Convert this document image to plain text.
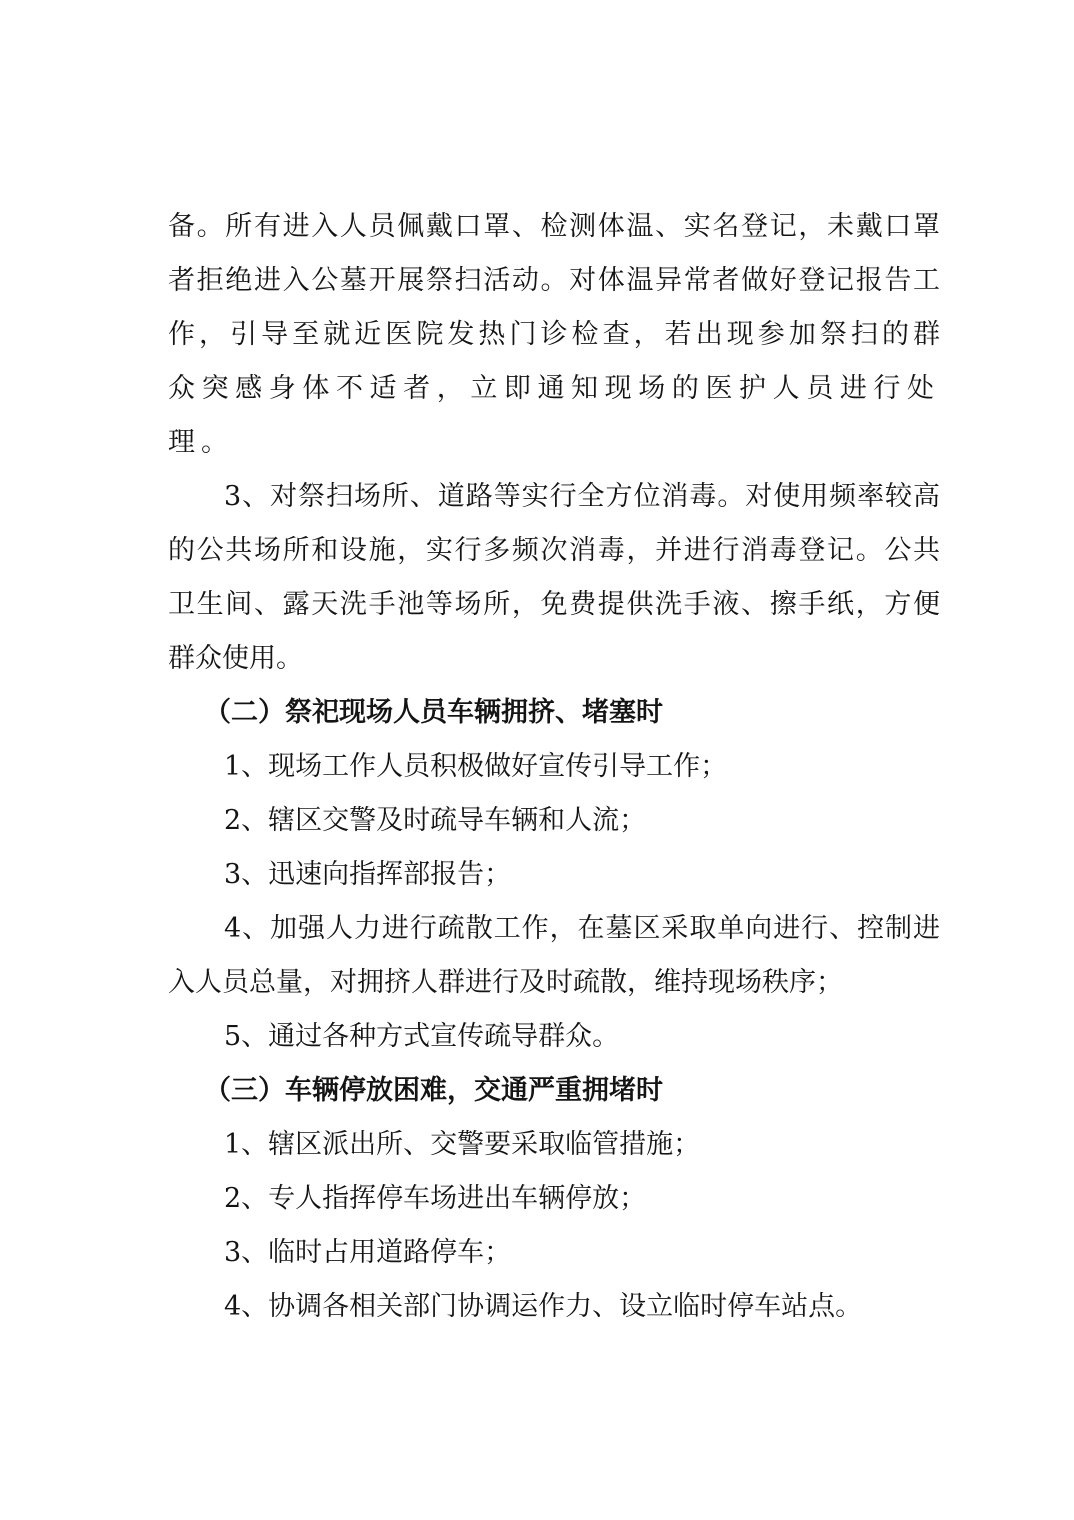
备。所有进入人员佩戴口罩、检测体温、实名登记，未戴口罩
者拒绝进入公墓开展祭扫活动。对体温异常者做好登记报告工
作，引导至就近医院发热门诊检查，若出现参加祭扫的群
众突感身体不适者，立即通知现场的医护人员进行处
理。
3、对祭扫场所、道路等实行全方位消毒。对使用频率较高
的公共场所和设施，实行多频次消毒，并进行消毒登记。公共
卫生间、露天洗手池等场所，免费提供洗手液、擦手纸，方便
群众使用。
（二）祭祀现场人员车辆拥挤、堵塞时
1、现场工作人员积极做好宣传引导工作；
2、辖区交警及时疏导车辆和人流；
3、迅速向指挥部报告；
4、加强人力进行疏散工作，在墓区采取单向进行、控制进
入人员总量，对拥挤人群进行及时疏散，维持现场秩序；
5、通过各种方式宣传疏导群众。
（三）车辆停放困难，交通严重拥堵时
1、辖区派出所、交警要采取临管措施；
2、专人指挥停车场进出车辆停放；
3、临时占用道路停车；
4、协调各相关部门协调运作力、设立临时停车站点。
